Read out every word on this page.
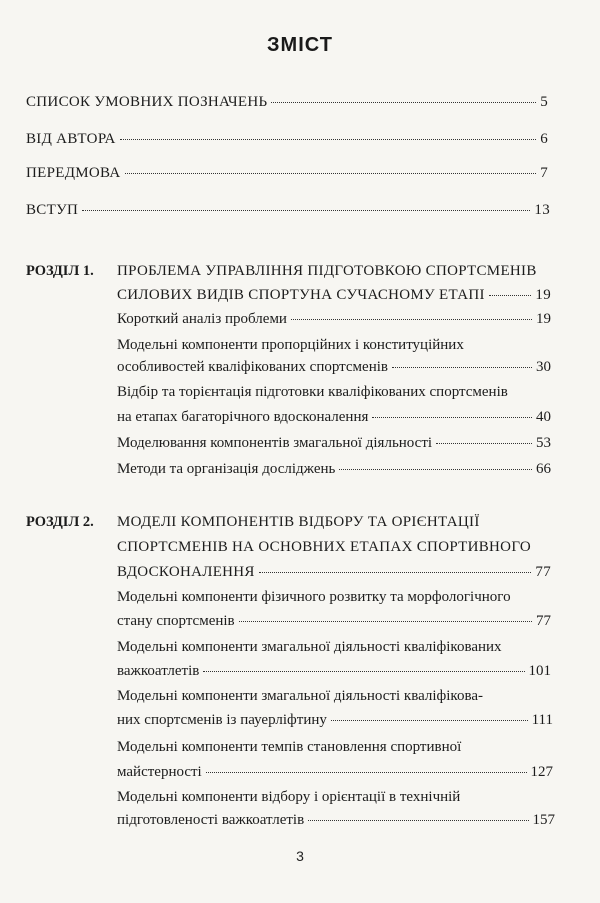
ЗМІСТ
СПИСОК УМОВНИХ ПОЗНАЧЕНЬ	5
ВІД АВТОРА	6
ПЕРЕДМОВА	7
ВСТУП	13
РОЗДІЛ 1. ПРОБЛЕМА УПРАВЛІННЯ ПІДГОТОВКОЮ СПОРТСМЕНІВ
СИЛОВИХ ВИДІВ СПОРТУНА СУЧАСНОМУ ЕТАПІ	19
Короткий аналіз проблеми	19
Модельні компоненти пропорційних і конституційних
особливостей кваліфікованих спортсменів	30
Відбір та торієнтація підготовки кваліфікованих спортсменів
на етапах багаторічного вдосконалення	40
Моделювання компонентів змагальної діяльності	53
Методи та організація досліджень	66
РОЗДІЛ 2. МОДЕЛІ КОМПОНЕНТІВ ВІДБОРУ ТА ОРІЄНТАЦІЇ
СПОРТСМЕНІВ НА ОСНОВНИХ ЕТАПАХ СПОРТИВНОГО
ВДОСКОНАЛЕННЯ	77
Модельні компоненти фізичного розвитку та морфологічного
стану спортсменів	77
Модельні компоненти змагальної діяльності кваліфікованих
важкоатлетів	101
Модельні компоненти змагальної діяльності кваліфікова-
них спортсменів із пауерліфтину	111
Модельні компоненти темпів становлення спортивної
майстерності	127
Модельні компоненти відбору і орієнтації в технічній
підготовленості важкоатлетів	157
3
